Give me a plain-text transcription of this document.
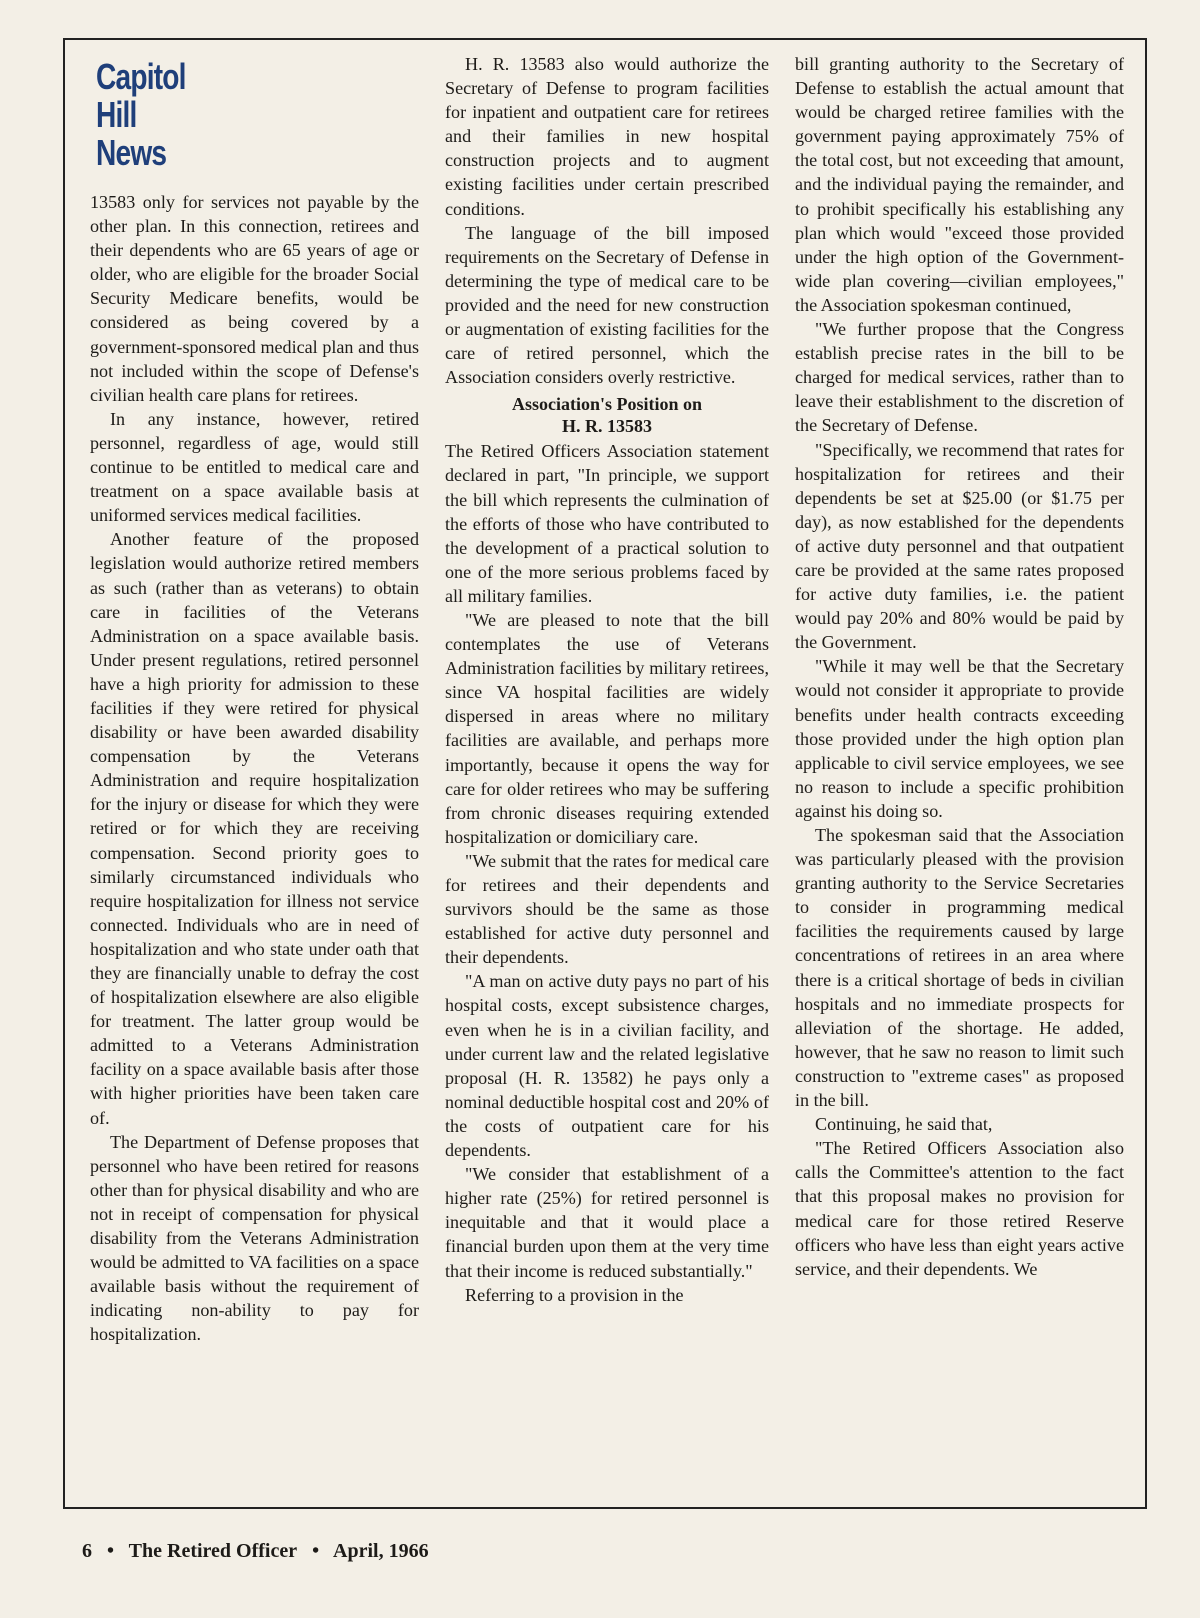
Capitol
Hill
News

13583 only for services not payable by the other plan. In this connection, retirees and their dependents who are 65 years of age or older, who are eligible for the broader Social Security Medicare benefits, would be considered as being covered by a government-sponsored medical plan and thus not included within the scope of Defense's civilian health care plans for retirees.

In any instance, however, retired personnel, regardless of age, would still continue to be entitled to medical care and treatment on a space available basis at uniformed services medical facilities.

Another feature of the proposed legislation would authorize retired members as such (rather than as veterans) to obtain care in facilities of the Veterans Administration on a space available basis. Under present regulations, retired personnel have a high priority for admission to these facilities if they were retired for physical disability or have been awarded disability compensation by the Veterans Administration and require hospitalization for the injury or disease for which they were retired or for which they are receiving compensation. Second priority goes to similarly circumstanced individuals who require hospitalization for illness not service connected. Individuals who are in need of hospitalization and who state under oath that they are financially unable to defray the cost of hospitalization elsewhere are also eligible for treatment. The latter group would be admitted to a Veterans Administration facility on a space available basis after those with higher priorities have been taken care of.

The Department of Defense proposes that personnel who have been retired for reasons other than for physical disability and who are not in receipt of compensation for physical disability from the Veterans Administration would be admitted to VA facilities on a space available basis without the requirement of indicating non-ability to pay for hospitalization.

H. R. 13583 also would authorize the Secretary of Defense to program facilities for inpatient and outpatient care for retirees and their families in new hospital construction projects and to augment existing facilities under certain prescribed conditions.

The language of the bill imposed requirements on the Secretary of Defense in determining the type of medical care to be provided and the need for new construction or augmentation of existing facilities for the care of retired personnel, which the Association considers overly restrictive.

Association's Position on
H. R. 13583

The Retired Officers Association statement declared in part, "In principle, we support the bill which represents the culmination of the efforts of those who have contributed to the development of a practical solution to one of the more serious problems faced by all military families.

"We are pleased to note that the bill contemplates the use of Veterans Administration facilities by military retirees, since VA hospital facilities are widely dispersed in areas where no military facilities are available, and perhaps more importantly, because it opens the way for care for older retirees who may be suffering from chronic diseases requiring extended hospitalization or domiciliary care.

"We submit that the rates for medical care for retirees and their dependents and survivors should be the same as those established for active duty personnel and their dependents.

"A man on active duty pays no part of his hospital costs, except subsistence charges, even when he is in a civilian facility, and under current law and the related legislative proposal (H. R. 13582) he pays only a nominal deductible hospital cost and 20% of the costs of outpatient care for his dependents.

"We consider that establishment of a higher rate (25%) for retired personnel is inequitable and that it would place a financial burden upon them at the very time that their income is reduced substantially."

Referring to a provision in the

bill granting authority to the Secretary of Defense to establish the actual amount that would be charged retiree families with the government paying approximately 75% of the total cost, but not exceeding that amount, and the individual paying the remainder, and to prohibit specifically his establishing any plan which would "exceed those provided under the high option of the Government-wide plan covering—civilian employees," the Association spokesman continued,

"We further propose that the Congress establish precise rates in the bill to be charged for medical services, rather than to leave their establishment to the discretion of the Secretary of Defense.

"Specifically, we recommend that rates for hospitalization for retirees and their dependents be set at $25.00 (or $1.75 per day), as now established for the dependents of active duty personnel and that outpatient care be provided at the same rates proposed for active duty families, i.e. the patient would pay 20% and 80% would be paid by the Government.

"While it may well be that the Secretary would not consider it appropriate to provide benefits under health contracts exceeding those provided under the high option plan applicable to civil service employees, we see no reason to include a specific prohibition against his doing so.

The spokesman said that the Association was particularly pleased with the provision granting authority to the Service Secretaries to consider in programming medical facilities the requirements caused by large concentrations of retirees in an area where there is a critical shortage of beds in civilian hospitals and no immediate prospects for alleviation of the shortage. He added, however, that he saw no reason to limit such construction to "extreme cases" as proposed in the bill.

Continuing, he said that,

"The Retired Officers Association also calls the Committee's attention to the fact that this proposal makes no provision for medical care for those retired Reserve officers who have less than eight years active service, and their dependents. We

6 • The Retired Officer • April, 1966
